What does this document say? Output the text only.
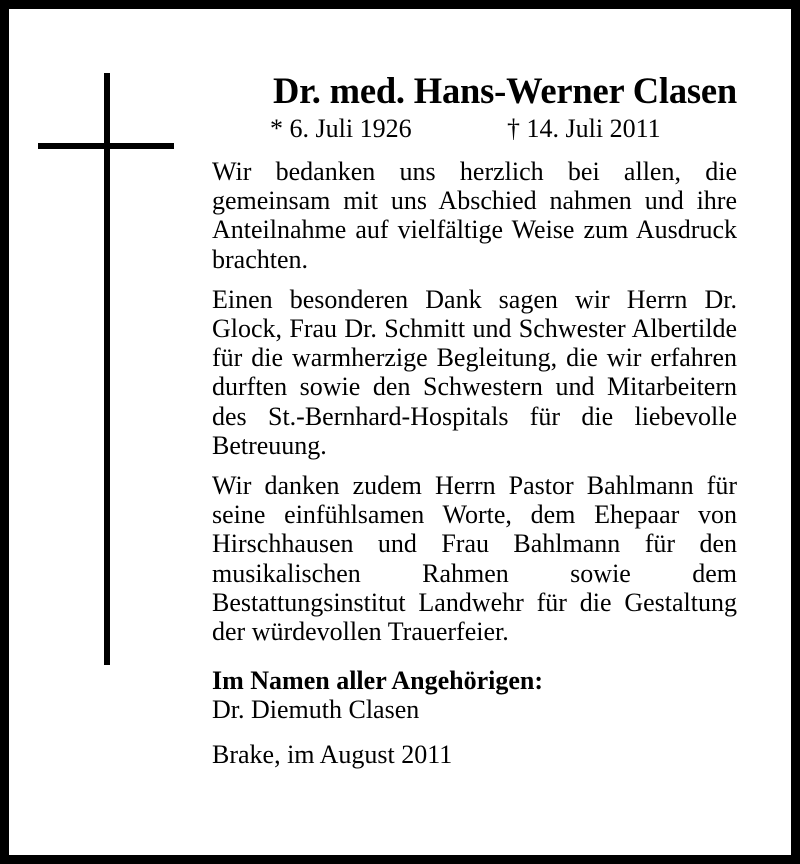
Dr. med. Hans-Werner Clasen
* 6. Juli 1926	† 14. Juli 2011

Wir bedanken uns herzlich bei allen, die gemeinsam mit uns Abschied nahmen und ihre Anteilnahme auf vielfältige Weise zum Ausdruck brachten.

Einen besonderen Dank sagen wir Herrn Dr. Glock, Frau Dr. Schmitt und Schwester Albertilde für die warmherzige Begleitung, die wir erfahren durften sowie den Schwestern und Mitarbeitern des St.-Bernhard-Hospitals für die liebevolle Betreuung.

Wir danken zudem Herrn Pastor Bahlmann für seine einfühlsamen Worte, dem Ehepaar von Hirschhausen und Frau Bahlmann für den musikalischen Rahmen sowie dem Bestattungsinstitut Landwehr für die Gestaltung der würdevollen Trauerfeier.

Im Namen aller Angehörigen:
Dr. Diemuth Clasen
Brake, im August 2011
